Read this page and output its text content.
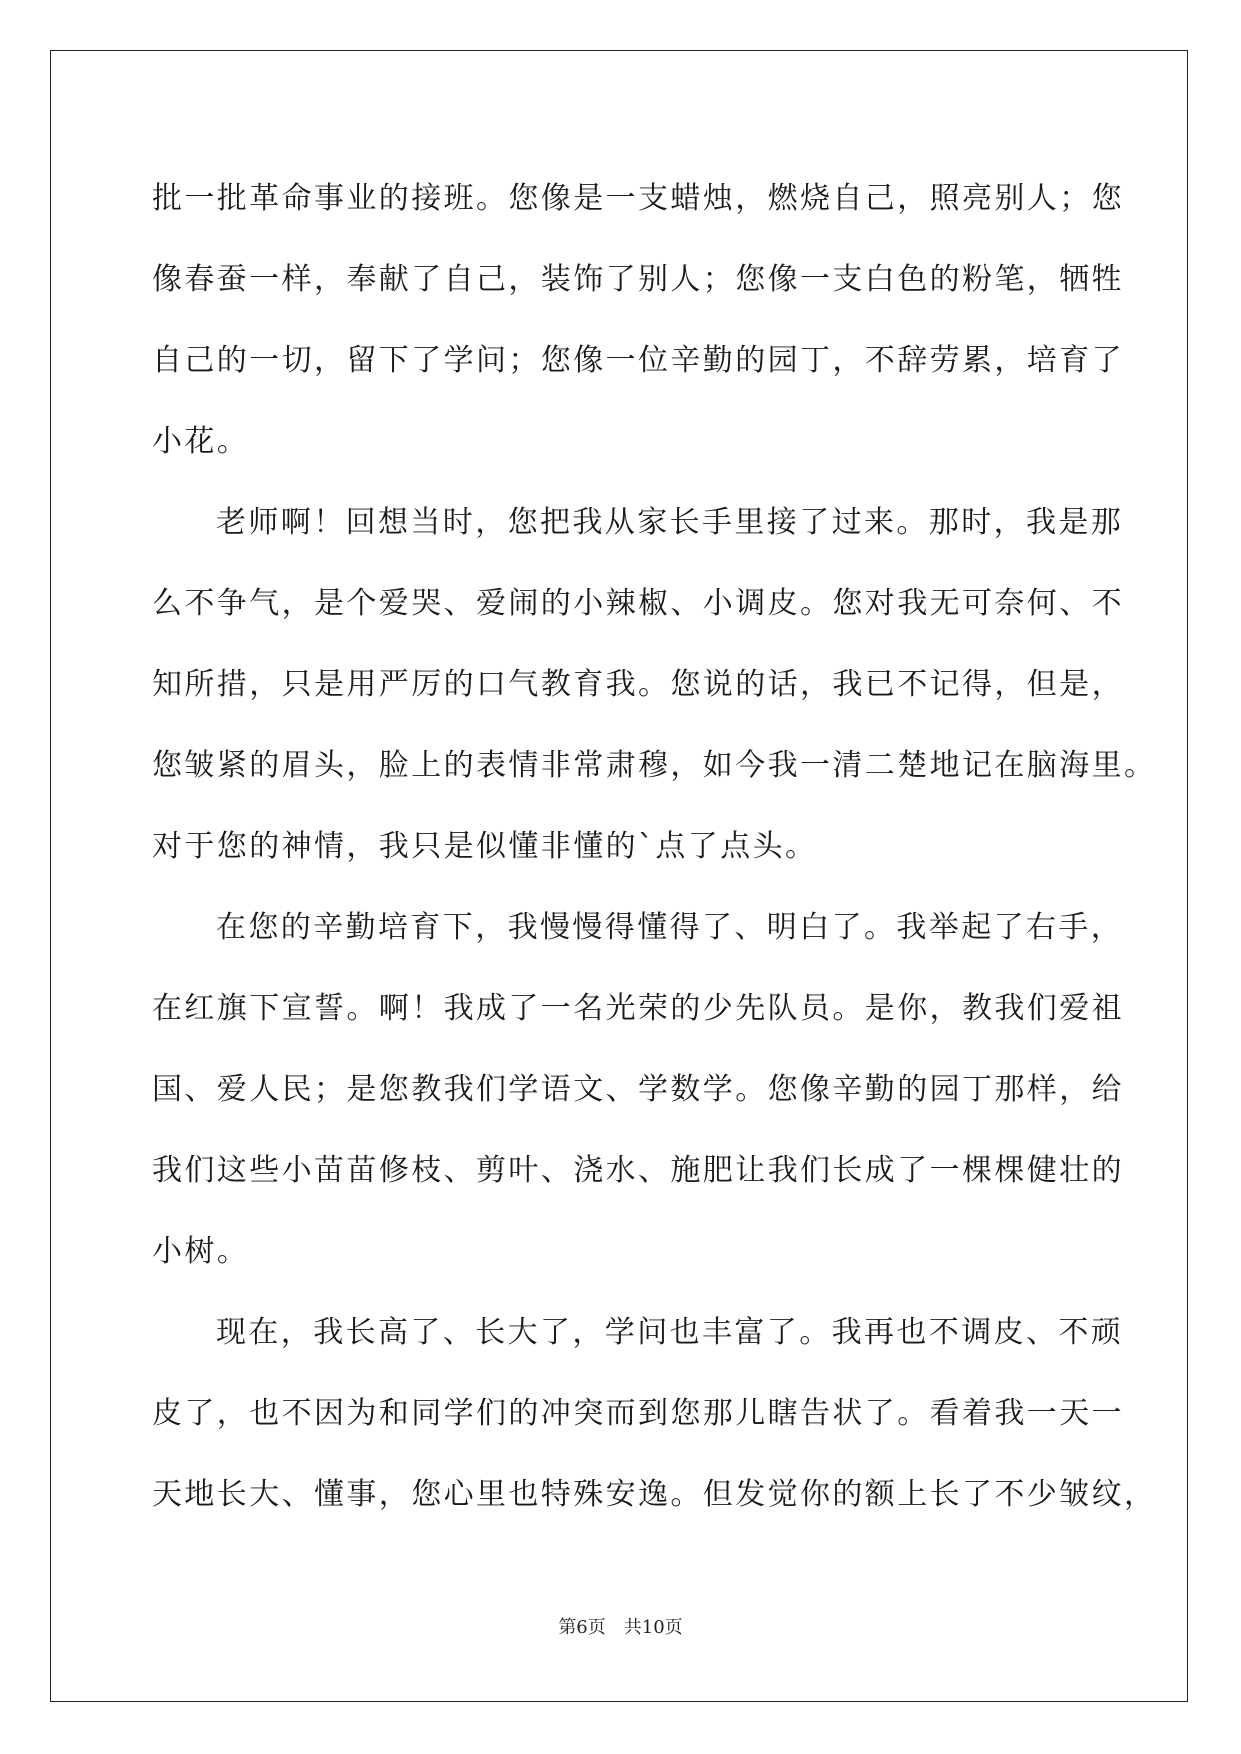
批一批革命事业的接班。您像是一支蜡烛，燃烧自己，照亮别人；您
像春蚕一样，奉献了自己，装饰了别人；您像一支白色的粉笔，牺牲
自己的一切，留下了学问；您像一位辛勤的园丁，不辞劳累，培育了
小花。
老师啊！回想当时，您把我从家长手里接了过来。那时，我是那
么不争气，是个爱哭、爱闹的小辣椒、小调皮。您对我无可奈何、不
知所措，只是用严厉的口气教育我。您说的话，我已不记得，但是，
您皱紧的眉头，脸上的表情非常肃穆，如今我一清二楚地记在脑海里。
对于您的神情，我只是似懂非懂的`点了点头。
在您的辛勤培育下，我慢慢得懂得了、明白了。我举起了右手，
在红旗下宣誓。啊！我成了一名光荣的少先队员。是你，教我们爱祖
国、爱人民；是您教我们学语文、学数学。您像辛勤的园丁那样，给
我们这些小苗苗修枝、剪叶、浇水、施肥让我们长成了一棵棵健壮的
小树。
现在，我长高了、长大了，学问也丰富了。我再也不调皮、不顽
皮了，也不因为和同学们的冲突而到您那儿瞎告状了。看着我一天一
天地长大、懂事，您心里也特殊安逸。但发觉你的额上长了不少皱纹，
第6页 共10页
